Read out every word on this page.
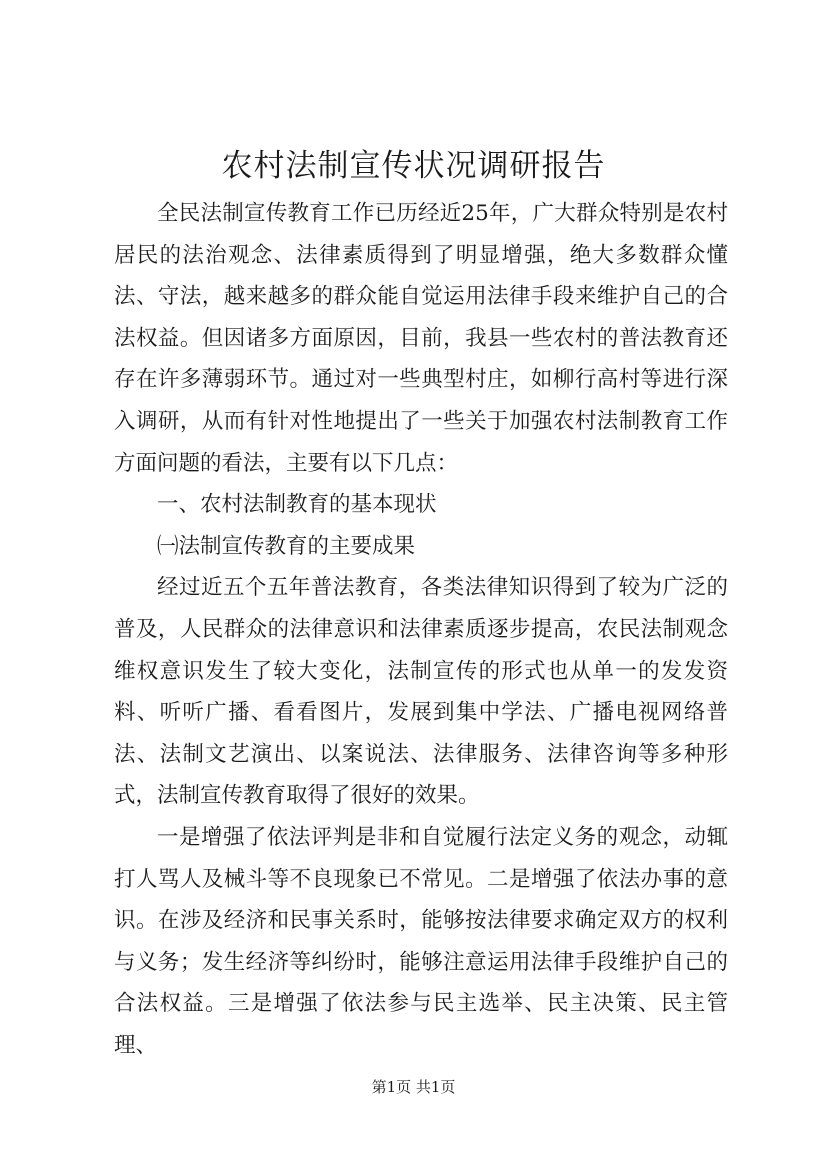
农村法制宣传状况调研报告

全民法制宣传教育工作已历经近25年，广大群众特别是农村居民的法治观念、法律素质得到了明显增强，绝大多数群众懂法、守法，越来越多的群众能自觉运用法律手段来维护自己的合法权益。但因诸多方面原因，目前，我县一些农村的普法教育还存在许多薄弱环节。通过对一些典型村庄，如柳行高村等进行深入调研，从而有针对性地提出了一些关于加强农村法制教育工作方面问题的看法，主要有以下几点：

一、农村法制教育的基本现状

㈠法制宣传教育的主要成果

经过近五个五年普法教育，各类法律知识得到了较为广泛的普及，人民群众的法律意识和法律素质逐步提高，农民法制观念维权意识发生了较大变化，法制宣传的形式也从单一的发发资料、听听广播、看看图片，发展到集中学法、广播电视网络普法、法制文艺演出、以案说法、法律服务、法律咨询等多种形式，法制宣传教育取得了很好的效果。

一是增强了依法评判是非和自觉履行法定义务的观念，动辄打人骂人及械斗等不良现象已不常见。二是增强了依法办事的意识。在涉及经济和民事关系时，能够按法律要求确定双方的权利与义务；发生经济等纠纷时，能够注意运用法律手段维护自己的合法权益。三是增强了依法参与民主选举、民主决策、民主管理、

第1页 共1页
